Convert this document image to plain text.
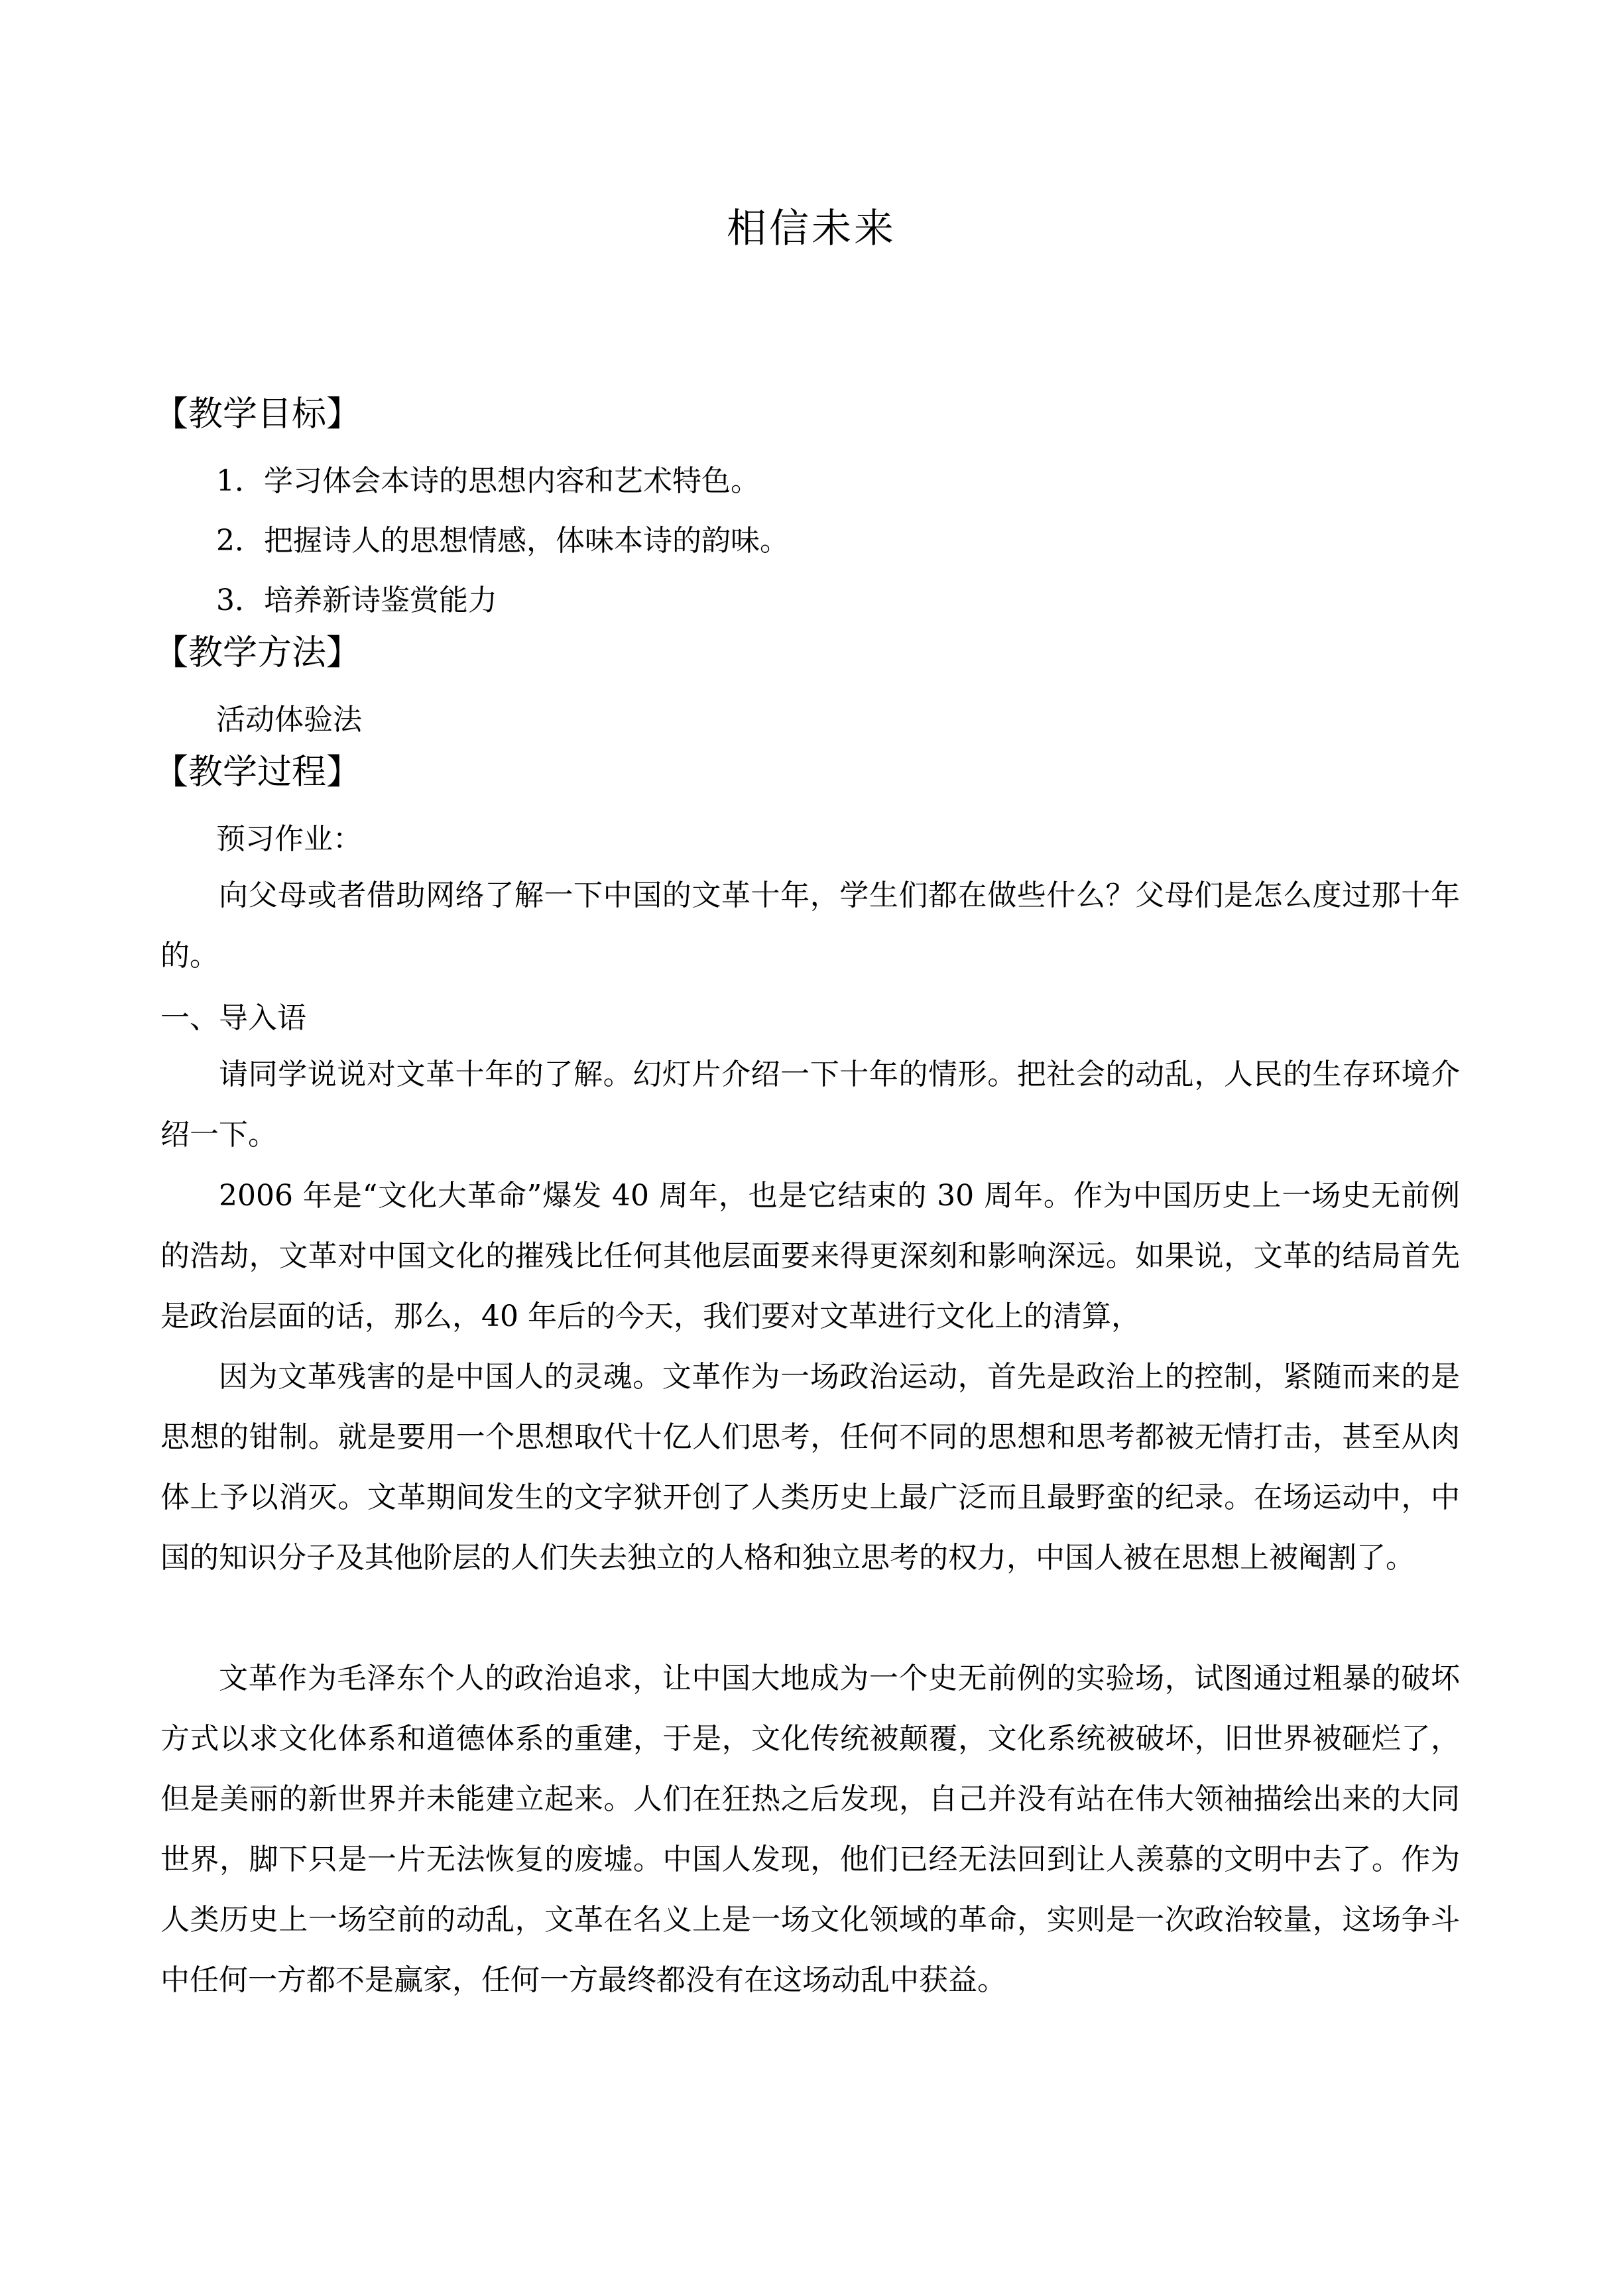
相信未来
【教学目标】
1．学习体会本诗的思想内容和艺术特色。
2．把握诗人的思想情感，体味本诗的韵味。
3．培养新诗鉴赏能力
【教学方法】
活动体验法
【教学过程】
预习作业：

向父母或者借助网络了解一下中国的文革十年，学生们都在做些什么？父母们是怎么度过那十年的。

一、导入语

请同学说说对文革十年的了解。幻灯片介绍一下十年的情形。把社会的动乱，人民的生存环境介绍一下。

2006 年是“文化大革命”爆发 40 周年，也是它结束的 30 周年。作为中国历史上一场史无前例的浩劫，文革对中国文化的摧残比任何其他层面要来得更深刻和影响深远。如果说，文革的结局首先是政治层面的话，那么，40 年后的今天，我们要对文革进行文化上的清算，

因为文革残害的是中国人的灵魂。文革作为一场政治运动，首先是政治上的控制，紧随而来的是思想的钳制。就是要用一个思想取代十亿人们思考，任何不同的思想和思考都被无情打击，甚至从肉体上予以消灭。文革期间发生的文字狱开创了人类历史上最广泛而且最野蛮的纪录。在场运动中，中国的知识分子及其他阶层的人们失去独立的人格和独立思考的权力，中国人被在思想上被阉割了。

文革作为毛泽东个人的政治追求，让中国大地成为一个史无前例的实验场，试图通过粗暴的破坏方式以求文化体系和道德体系的重建，于是，文化传统被颠覆，文化系统被破坏，旧世界被砸烂了，但是美丽的新世界并未能建立起来。人们在狂热之后发现，自己并没有站在伟大领袖描绘出来的大同世界，脚下只是一片无法恢复的废墟。中国人发现，他们已经无法回到让人羡慕的文明中去了。作为人类历史上一场空前的动乱，文革在名义上是一场文化领域的革命，实则是一次政治较量，这场争斗中任何一方都不是赢家，任何一方最终都没有在这场动乱中获益。
